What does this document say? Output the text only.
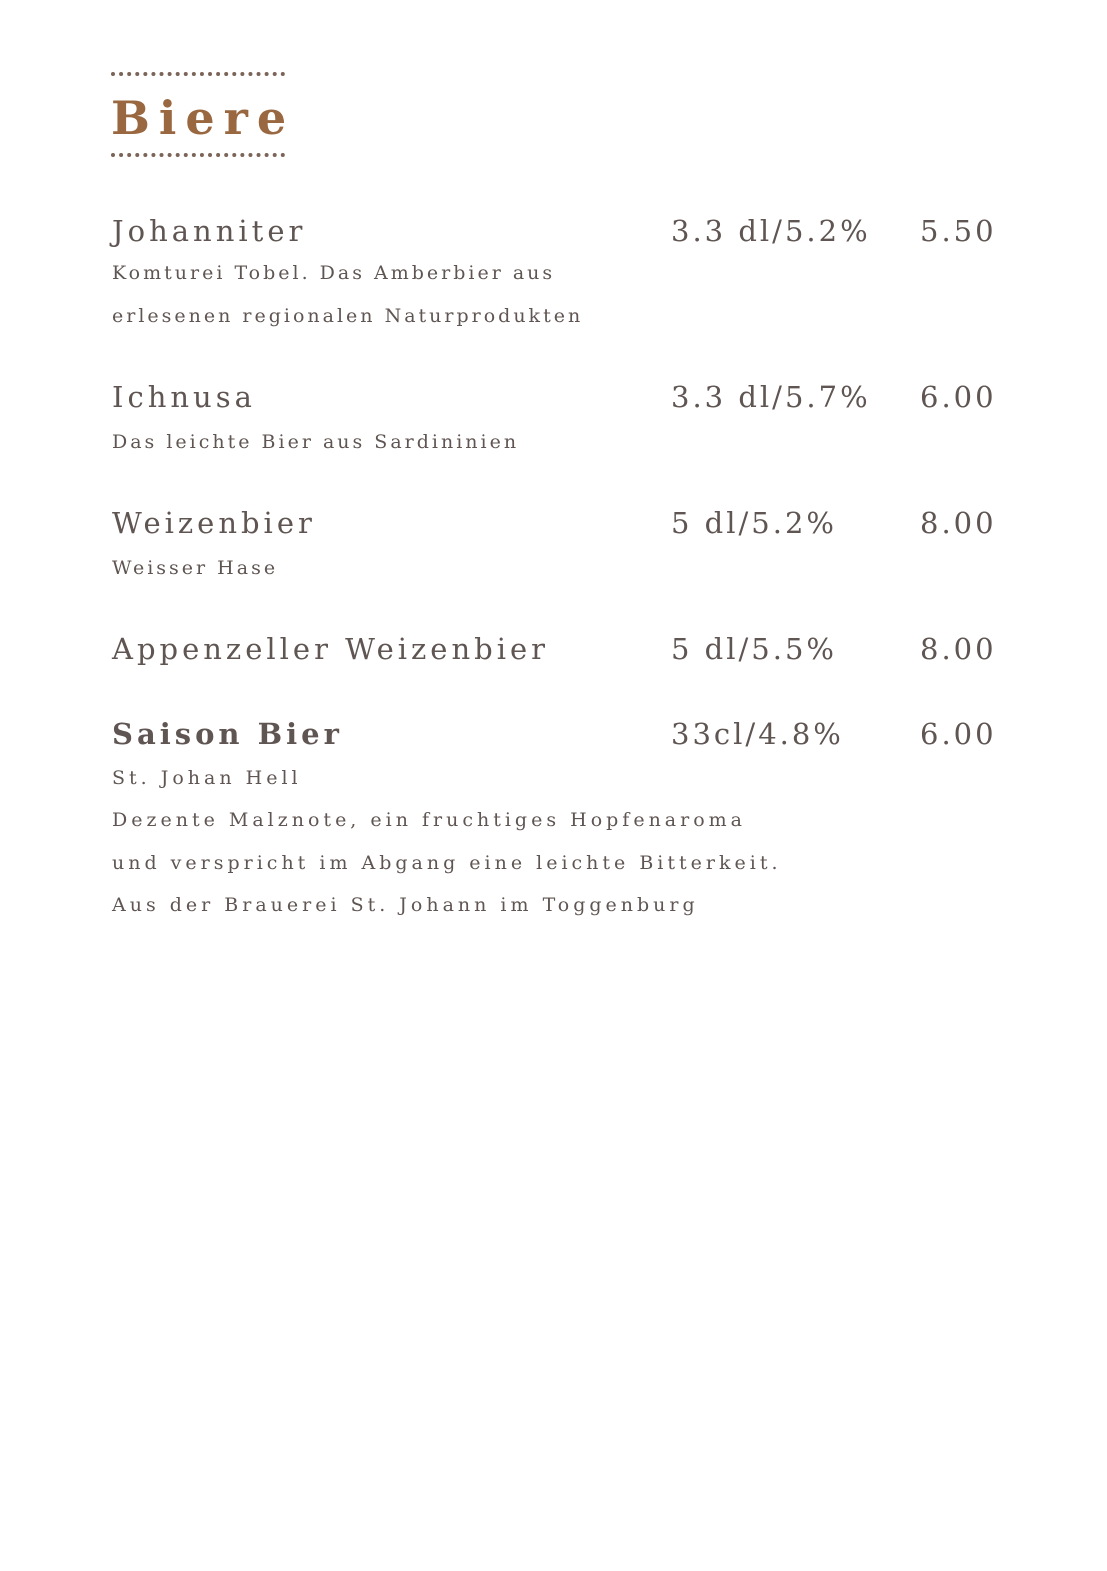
Biere
Johanniter	3.3 dl/5.2% 5.50

Komturei Tobel. Das Amberbier aus

erlesenen regionalen Naturprodukten

Ichnusa	3.3 dl/5.7% 6.00

Das leichte Bier aus Sardininien

Weizenbier	5 dl/5.2%	8.00

Weisser Hase

Appenzeller Weizenbier	5 dl/5.5%	8.00
Saison Bier	33cl/4.8%	6.00

St. Johan Hell

Dezente Malznote, ein fruchtiges Hopfenaroma

und verspricht im Abgang eine leichte Bitterkeit.

Aus der Brauerei St. Johann im Toggenburg
